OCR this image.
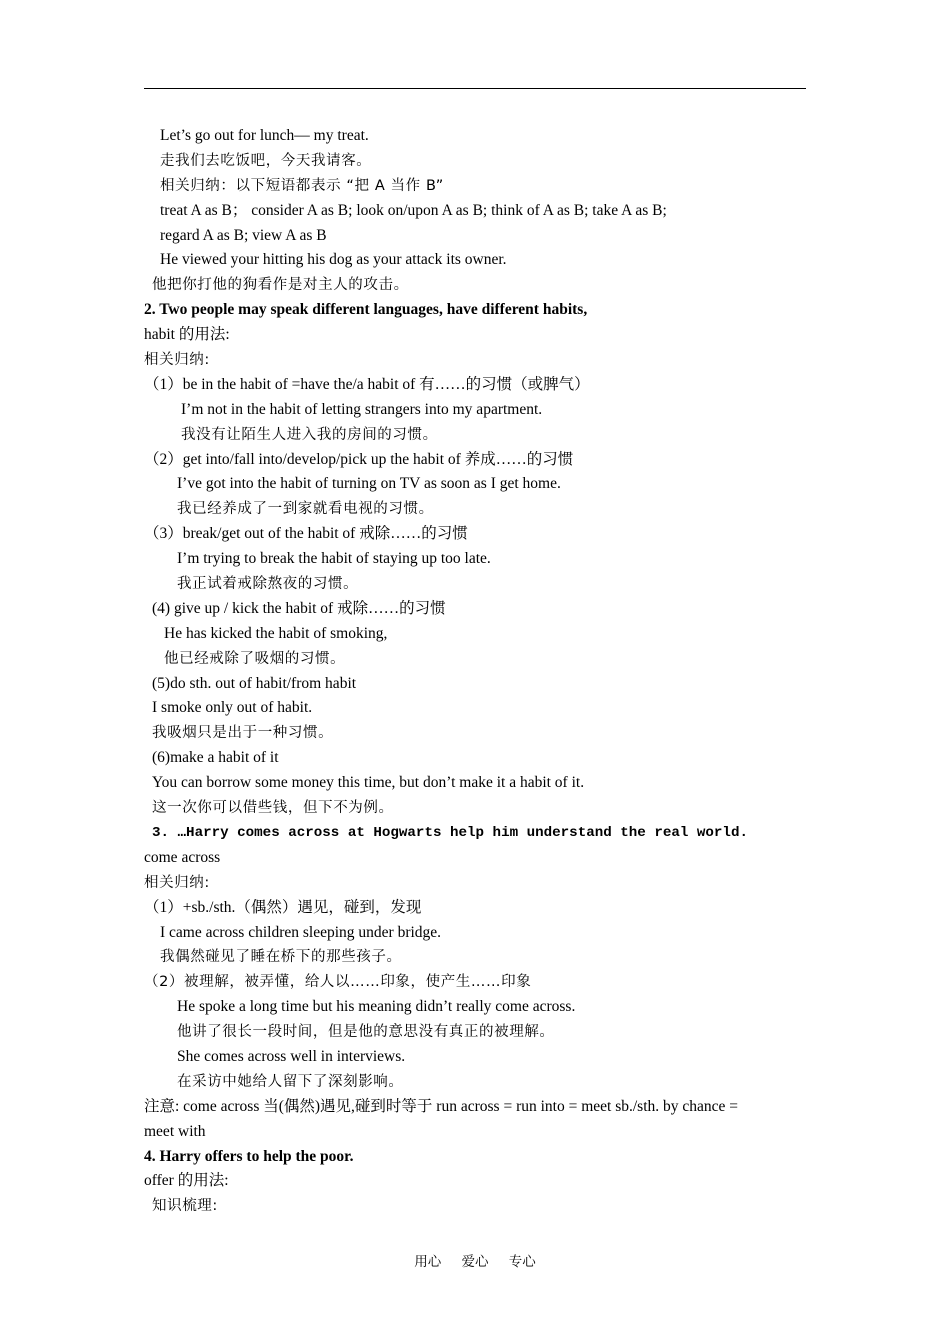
Let’s go out for lunch— my treat.
走我们去吃饭吧，今天我请客。
相关归纳：以下短语都表示 “把 A 当作 B”
treat A as B； consider A as B; look on/upon A as B; think of A as B; take A as B;
regard A as B; view A as B
He viewed your hitting his dog as your attack its owner.
他把你打他的狗看作是对主人的攻击。
2. Two people may speak different languages, have different habits,
habit 的用法:
相关归纳:
（1）be in the habit of =have the/a habit of 有……的习惯（或脾气）
I’m not in the habit of letting strangers into my apartment.
我没有让陌生人进入我的房间的习惯。
（2）get into/fall into/develop/pick up the habit of 养成……的习惯
I’ve got into the habit of turning on TV as soon as I get home.
我已经养成了一到家就看电视的习惯。
（3）break/get out of the habit of 戒除……的习惯
I’m trying to break the habit of staying up too late.
我正试着戒除熬夜的习惯。
(4) give up / kick the habit of 戒除……的习惯
He has kicked the habit of smoking,
他已经戒除了吸烟的习惯。
(5)do sth. out of habit/from habit
I smoke only out of habit.
我吸烟只是出于一种习惯。
(6)make a habit of it
You can borrow some money this time, but don’t make it a habit of it.
这一次你可以借些钱，但下不为例。
3. …Harry comes across at Hogwarts help him understand the real world.
come across
相关归纳:
（1）+sb./sth.（偶然）遇见，碰到，发现
I came across children sleeping under bridge.
我偶然碰见了睡在桥下的那些孩子。
（2）被理解，被弄懂，给人以……印象，使产生……印象
He spoke a long time but his meaning didn’t really come across.
他讲了很长一段时间，但是他的意思没有真正的被理解。
She comes across well in interviews.
在采访中她给人留下了深刻影响。
注意: come across 当(偶然)遇见,碰到时等于 run across = run into = meet sb./sth. by chance =
meet with
4. Harry offers to help the poor.
offer 的用法:
知识梳理:
用心 爱心 专心
